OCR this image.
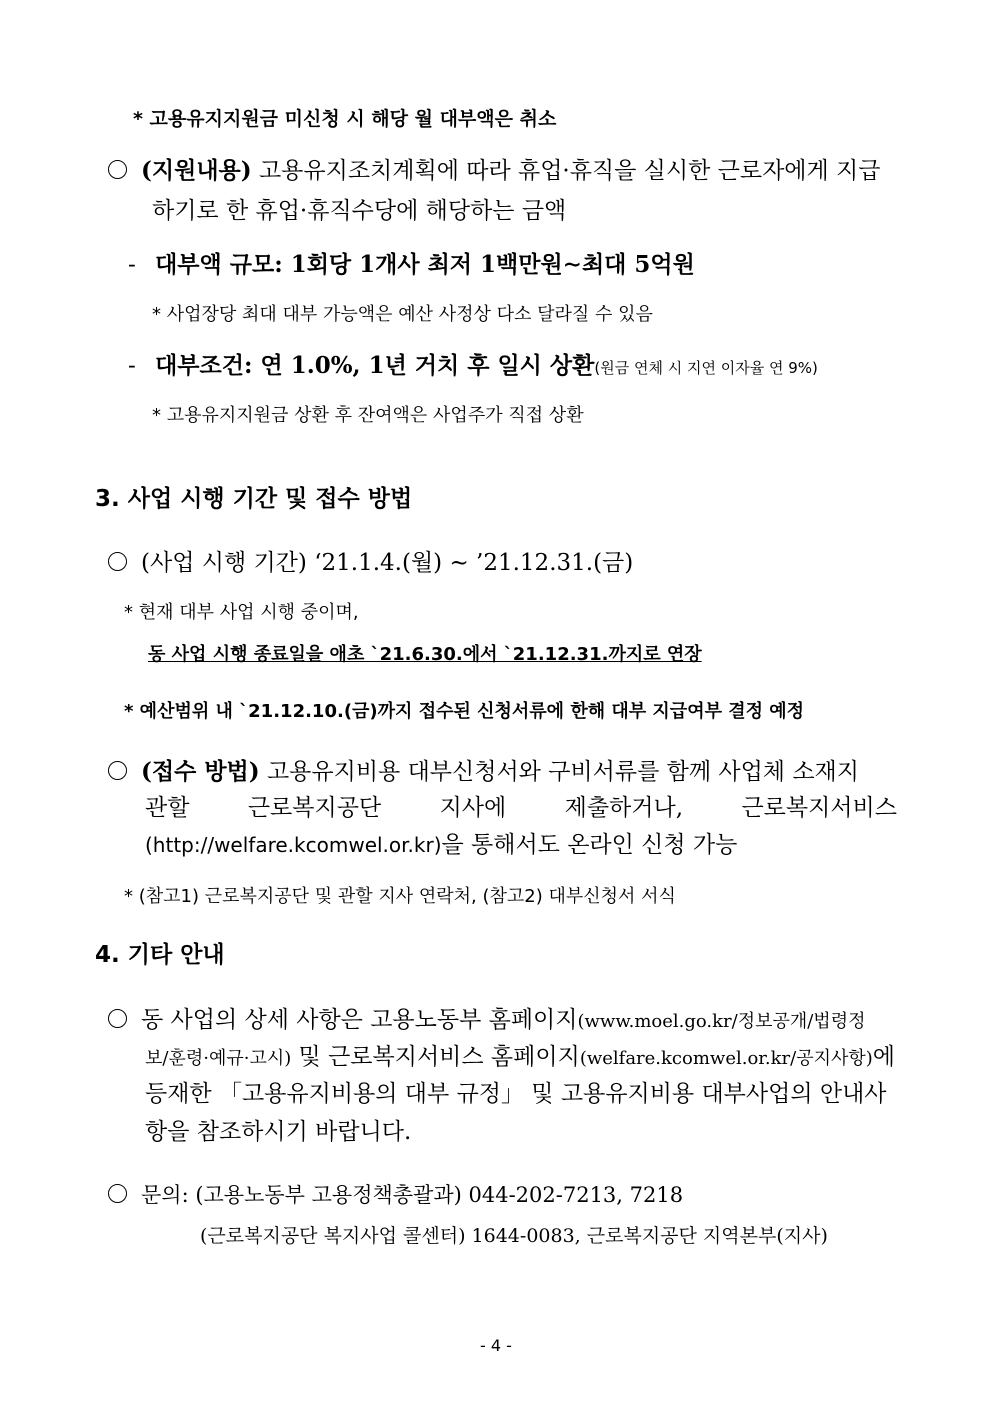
* 고용유지지원금 미신청 시 해당 월 대부액은 취소
(지원내용) 고용유지조치계획에 따라 휴업·휴직을 실시한 근로자에게 지급
하기로 한 휴업·휴직수당에 해당하는 금액
- 대부액 규모: 1회당 1개사 최저 1백만원∼최대 5억원
* 사업장당 최대 대부 가능액은 예산 사정상 다소 달라질 수 있음
- 대부조건: 연 1.0%, 1년 거치 후 일시 상환(원금 연체 시 지연 이자율 연 9%)
* 고용유지지원금 상환 후 잔여액은 사업주가 직접 상환
3. 사업 시행 기간 및 접수 방법
(사업 시행 기간) ‘21.1.4.(월) ∼ ’21.12.31.(금)
* 현재 대부 사업 시행 중이며,
동 사업 시행 종료일을 애초 `21.6.30.에서 `21.12.31.까지로 연장
* 예산범위 내 `21.12.10.(금)까지 접수된 신청서류에 한해 대부 지급여부 결정 예정
(접수 방법) 고용유지비용 대부신청서와 구비서류를 함께 사업체 소재지
관할	근로복지공단	지사에	제출하거나,	근로복지서비스
(http://welfare.kcomwel.or.kr)을 통해서도 온라인 신청 가능
* (참고1) 근로복지공단 및 관할 지사 연락처, (참고2) 대부신청서 서식
4. 기타 안내
동 사업의 상세 사항은 고용노동부 홈페이지(www.moel.go.kr/정보공개/법령정
보/훈령·예규·고시) 및 근로복지서비스 홈페이지(welfare.kcomwel.or.kr/공지사항)에
등재한 「고용유지비용의 대부 규정」 및 고용유지비용 대부사업의 안내사
항을 참조하시기 바랍니다.
문의: (고용노동부 고용정책총괄과) 044-202-7213, 7218
(근로복지공단 복지사업 콜센터) 1644-0083, 근로복지공단 지역본부(지사)
- 4 -
